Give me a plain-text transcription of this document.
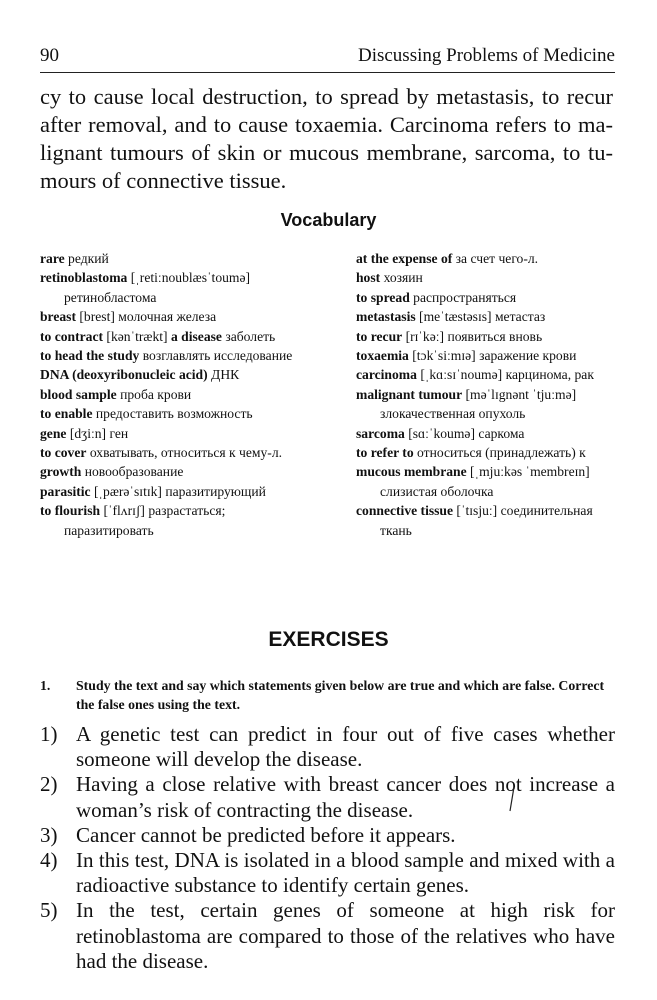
90	Discussing Problems of Medicine
cy to cause local destruction, to spread by metastasis, to recur
after removal, and to cause toxaemia. Carcinoma refers to ma-
lignant tumours of skin or mucous membrane, sarcoma, to tu-
mours of connective tissue.
Vocabulary

rare редкий

retinoblastoma [ˌretiːnoublæsˈtoumə] ретинобластома

breast [brest] молочная железа

to contract [kənˈtrækt] a disease заболеть

to head the study возглавлять исследование

DNA (deoxyribonucleic acid) ДНК

blood sample проба крови

to enable предоставить возможность

gene [dʒiːn] ген

to cover охватывать, относиться к чему-л.

growth новообразование

parasitic [ˌpærəˈsɪtɪk] паразитирующий

to flourish [ˈflʌrɪʃ] разрастаться; паразитировать

at the expense of за счет чего-л.

host хозяин

to spread распространяться

metastasis [meˈtæstəsɪs] метастаз

to recur [rɪˈkəː] появиться вновь

toxaemia [tɔkˈsiːmɪə] заражение крови

carcinoma [ˌkɑːsɪˈnoumə] карцинома, рак

malignant tumour [məˈlɪgnənt ˈtjuːmə] злокачественная опухоль

sarcoma [sɑːˈkoumə] саркома

to refer to относиться (принадлежать) к

mucous membrane [ˌmjuːkəs ˈmembreɪn] слизистая оболочка

connective tissue [ˈtɪsjuː] соединительная ткань

EXERCISES
1. Study the text and say which statements given below are true and which are false. Correct the false ones using the text.

1) A genetic test can predict in four out of five cases whether someone will develop the disease.

2) Having a close relative with breast cancer does not increase a woman’s risk of contracting the disease.

3) Cancer cannot be predicted before it appears.

4) In this test, DNA is isolated in a blood sample and mixed with a radioactive substance to identify certain genes.

5) In the test, certain genes of someone at high risk for retinoblastoma are compared to those of the relatives who have had the disease.
